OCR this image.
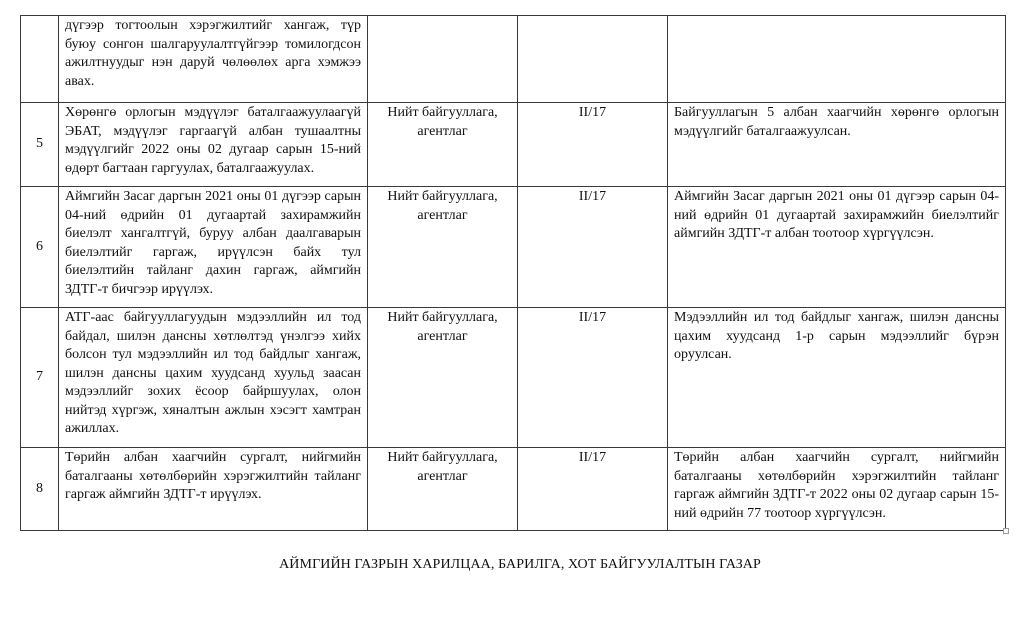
	дүгээр тогтоолын хэрэгжилтийг хангаж, түр буюу сонгон шалгаруулалтгүйгээр томилогдсон ажилтнуудыг нэн даруй чөлөөлөх арга хэмжээ авах.			
5	Хөрөнгө орлогын мэдүүлэг баталгаажуулаагүй ЭБАТ, мэдүүлэг гаргаагүй албан тушаалтны мэдүүлгийг 2022 оны 02 дугаар сарын 15-ний өдөрт багтаан гаргуулах, баталгаажуулах.	Нийт байгууллага, агентлаг	II/17	Байгууллагын 5 албан хаагчийн хөрөнгө орлогын мэдүүлгийг баталгаажуулсан.
6	Аймгийн Засаг даргын 2021 оны 01 дүгээр сарын 04-ний өдрийн 01 дугаартай захирамжийн биелэлт хангалтгүй, буруу албан даалгаварын биелэлтийг гаргаж, ирүүлсэн байх тул биелэлтийн тайланг дахин гаргаж, аймгийн ЗДТГ-т бичгээр ирүүлэх.	Нийт байгууллага, агентлаг	II/17	Аймгийн Засаг даргын 2021 оны 01 дүгээр сарын 04-ний өдрийн 01 дугаартай захирамжийн биелэлтийг аймгийн ЗДТГ-т албан тоотоор хүргүүлсэн.
7	АТГ-аас байгууллагуудын мэдээллийн ил тод байдал, шилэн дансны хөтлөлтэд үнэлгээ хийх болсон тул мэдээллийн ил тод байдлыг хангаж, шилэн дансны цахим хуудсанд хуульд заасан мэдээллийг зохих ёсоор байршуулах, олон нийтэд хүргэж, хяналтын ажлын хэсэгт хамтран ажиллах.	Нийт байгууллага, агентлаг	II/17	Мэдээллийн ил тод байдлыг хангаж, шилэн дансны цахим хуудсанд 1-р сарын мэдээллийг бүрэн оруулсан.
8	Төрийн албан хаагчийн сургалт, нийгмийн баталгааны хөтөлбөрийн хэрэгжилтийн тайланг гаргаж аймгийн ЗДТГ-т ирүүлэх.	Нийт байгууллага, агентлаг	II/17	Төрийн албан хаагчийн сургалт, нийгмийн баталгааны хөтөлбөрийн хэрэгжилтийн тайланг гаргаж аймгийн ЗДТГ-т 2022 оны 02 дугаар сарын 15-ний өдрийн 77 тоотоор хүргүүлсэн.
АЙМГИЙН ГАЗРЫН ХАРИЛЦАА, БАРИЛГА, ХОТ БАЙГУУЛАЛТЫН ГАЗАР
